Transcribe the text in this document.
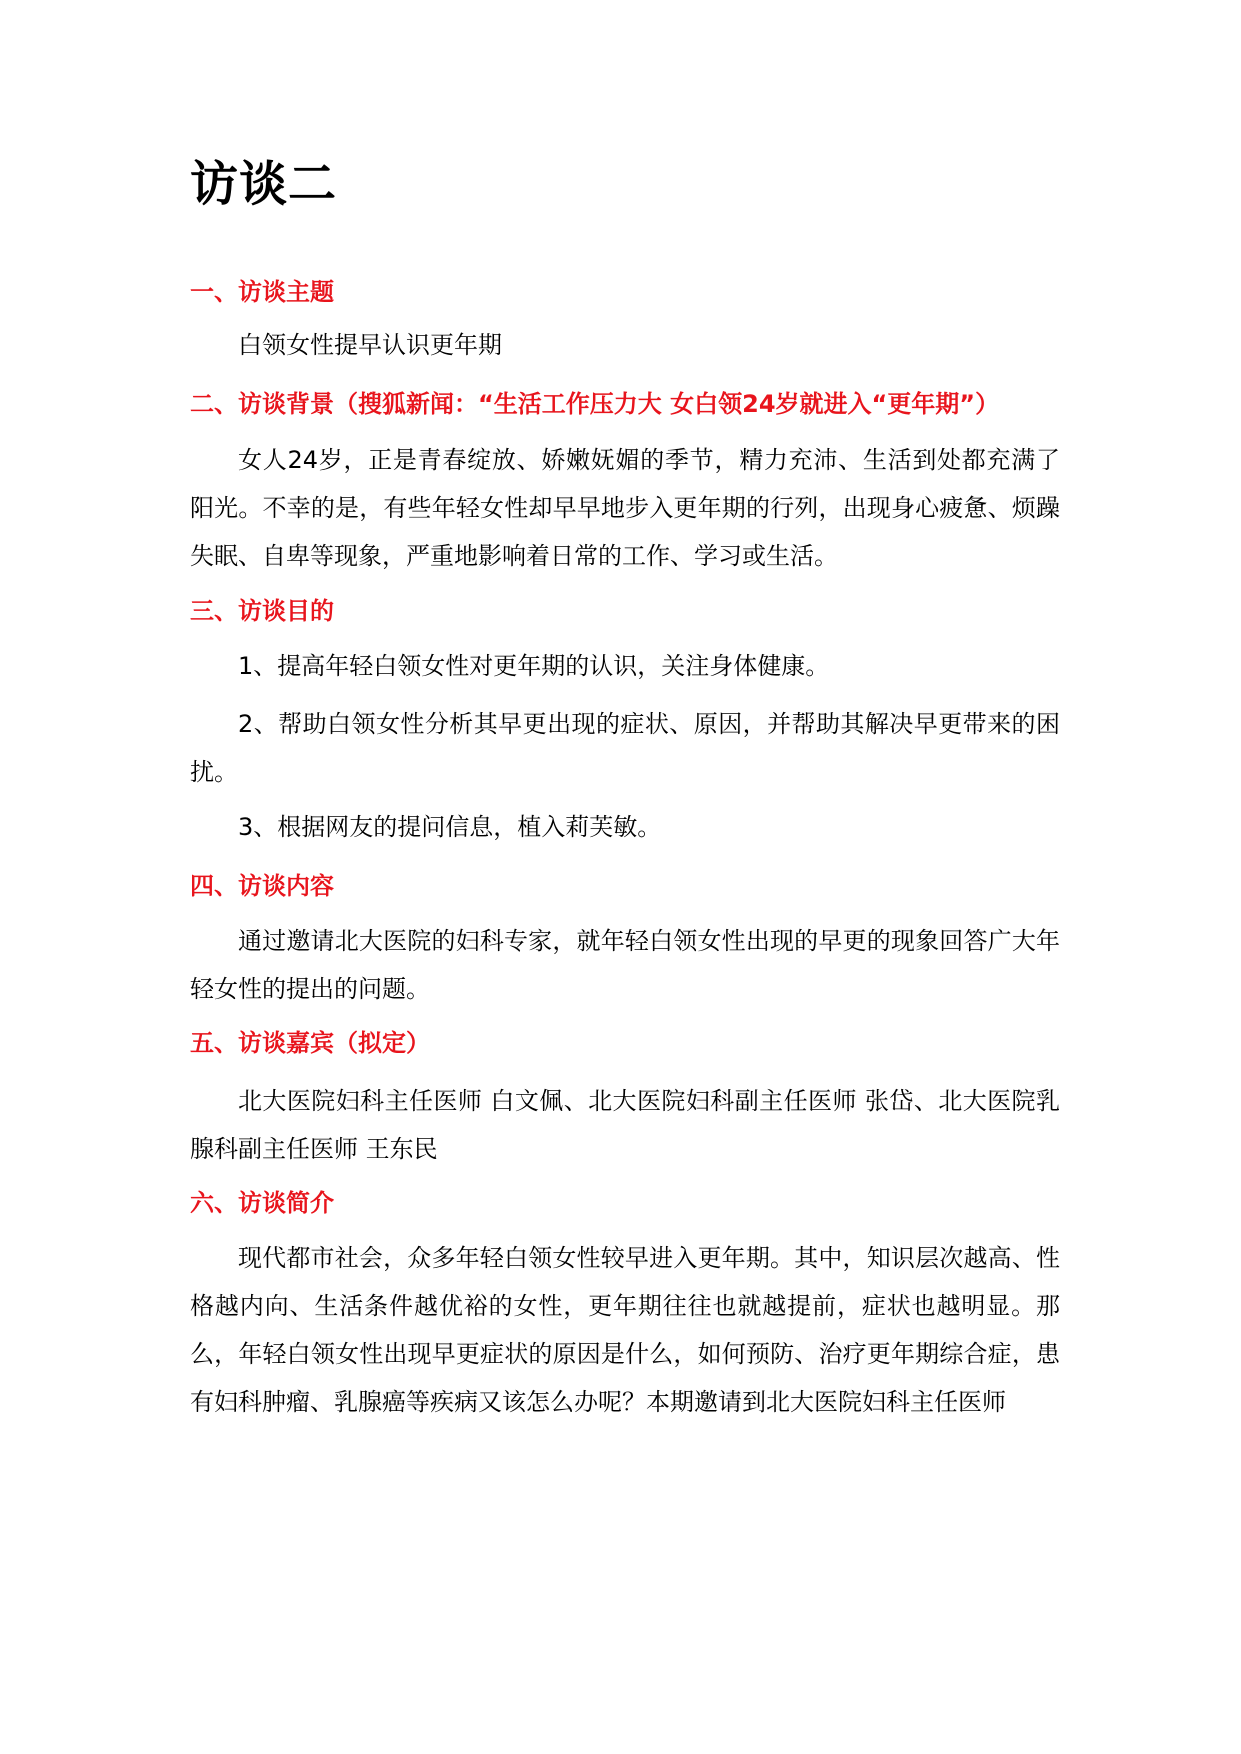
访谈二
一、访谈主题

白领女性提早认识更年期

二、访谈背景（搜狐新闻：“生活工作压力大 女白领24岁就进入“更年期”）

女人24岁，正是青春绽放、娇嫩妩媚的季节，精力充沛、生活到处都充满了阳光。不幸的是，有些年轻女性却早早地步入更年期的行列，出现身心疲惫、烦躁失眠、自卑等现象，严重地影响着日常的工作、学习或生活。

三、访谈目的

1、提高年轻白领女性对更年期的认识，关注身体健康。

2、帮助白领女性分析其早更出现的症状、原因，并帮助其解决早更带来的困扰。

3、根据网友的提问信息，植入莉芙敏。

四、访谈内容

通过邀请北大医院的妇科专家，就年轻白领女性出现的早更的现象回答广大年轻女性的提出的问题。

五、访谈嘉宾（拟定）

北大医院妇科主任医师 白文佩、北大医院妇科副主任医师 张岱、北大医院乳腺科副主任医师 王东民

六、访谈简介

现代都市社会，众多年轻白领女性较早进入更年期。其中，知识层次越高、性格越内向、生活条件越优裕的女性，更年期往往也就越提前，症状也越明显。那么，年轻白领女性出现早更症状的原因是什么，如何预防、治疗更年期综合症，患有妇科肿瘤、乳腺癌等疾病又该怎么办呢？本期邀请到北大医院妇科主任医师
